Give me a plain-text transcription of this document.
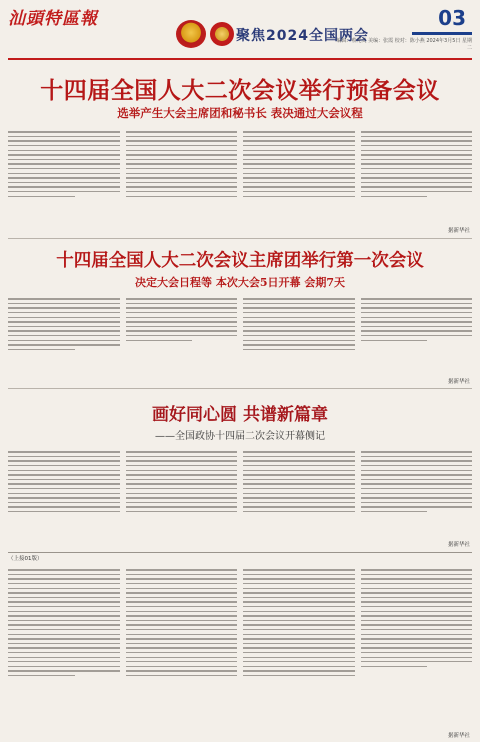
汕頭特區報
聚焦2024全国两会
03
编辑：蔡光灵 美编：张霞 校对：陈小燕 2024年3月5日 星期二
十四届全国人大二次会议举行预备会议
选举产生大会主席团和秘书长 表决通过大会议程
据新华社
十四届全国人大二次会议主席团举行第一次会议
决定大会日程等 本次大会5日开幕 会期7天
据新华社
画好同心圆 共谱新篇章
——全国政协十四届二次会议开幕侧记
据新华社
（上接01版）
据新华社
